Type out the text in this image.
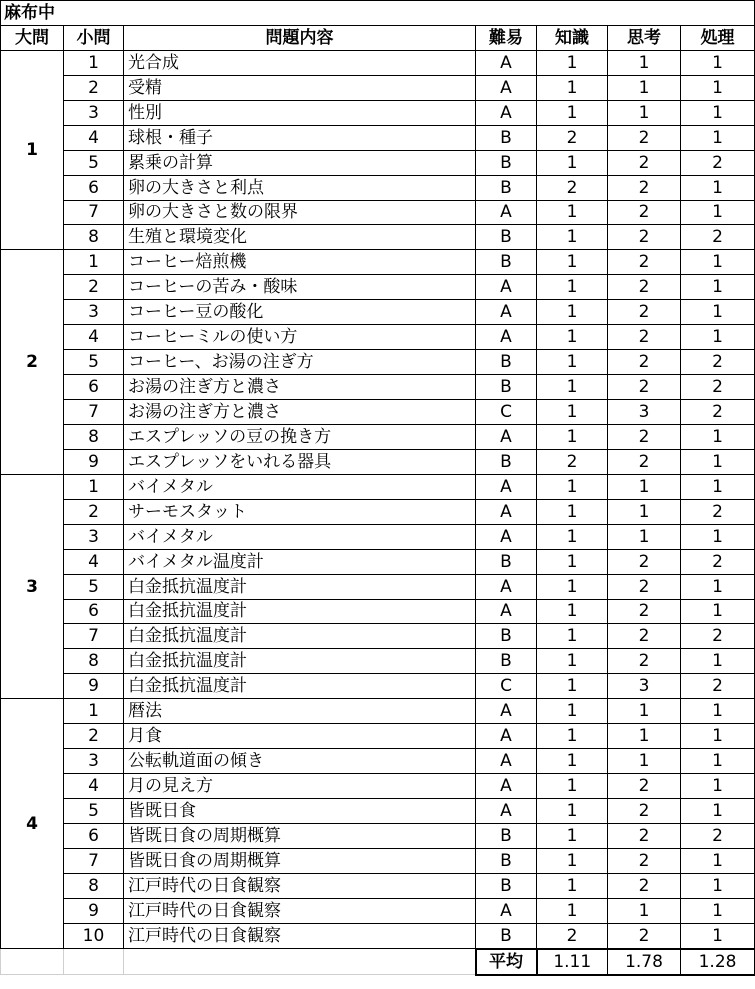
麻布中						
大問	小問	問題内容	難易	知識	思考	処理
1	1	光合成	A	1	1	1
	2	受精	A	1	1	1
	3	性別	A	1	1	1
	4	球根・種子	B	2	2	1
	5	累乗の計算	B	1	2	2
	6	卵の大きさと利点	B	2	2	1
	7	卵の大きさと数の限界	A	1	2	1
	8	生殖と環境変化	B	1	2	2
2	1	コーヒー焙煎機	B	1	2	1
	2	コーヒーの苦み・酸味	A	1	2	1
	3	コーヒー豆の酸化	A	1	2	1
	4	コーヒーミルの使い方	A	1	2	1
	5	コーヒー、お湯の注ぎ方	B	1	2	2
	6	お湯の注ぎ方と濃さ	B	1	2	2
	7	お湯の注ぎ方と濃さ	C	1	3	2
	8	エスプレッソの豆の挽き方	A	1	2	1
	9	エスプレッソをいれる器具	B	2	2	1
3	1	バイメタル	A	1	1	1
	2	サーモスタット	A	1	1	2
	3	バイメタル	A	1	1	1
	4	バイメタル温度計	B	1	2	2
	5	白金抵抗温度計	A	1	2	1
	6	白金抵抗温度計	A	1	2	1
	7	白金抵抗温度計	B	1	2	2
	8	白金抵抗温度計	B	1	2	1
	9	白金抵抗温度計	C	1	3	2
4	1	暦法	A	1	1	1
	2	月食	A	1	1	1
	3	公転軌道面の傾き	A	1	1	1
	4	月の見え方	A	1	2	1
	5	皆既日食	A	1	2	1
	6	皆既日食の周期概算	B	1	2	2
	7	皆既日食の周期概算	B	1	2	1
	8	江戸時代の日食観察	B	1	2	1
	9	江戸時代の日食観察	A	1	1	1
	10	江戸時代の日食観察	B	2	2	1
			平均	1.11	1.78	1.28
